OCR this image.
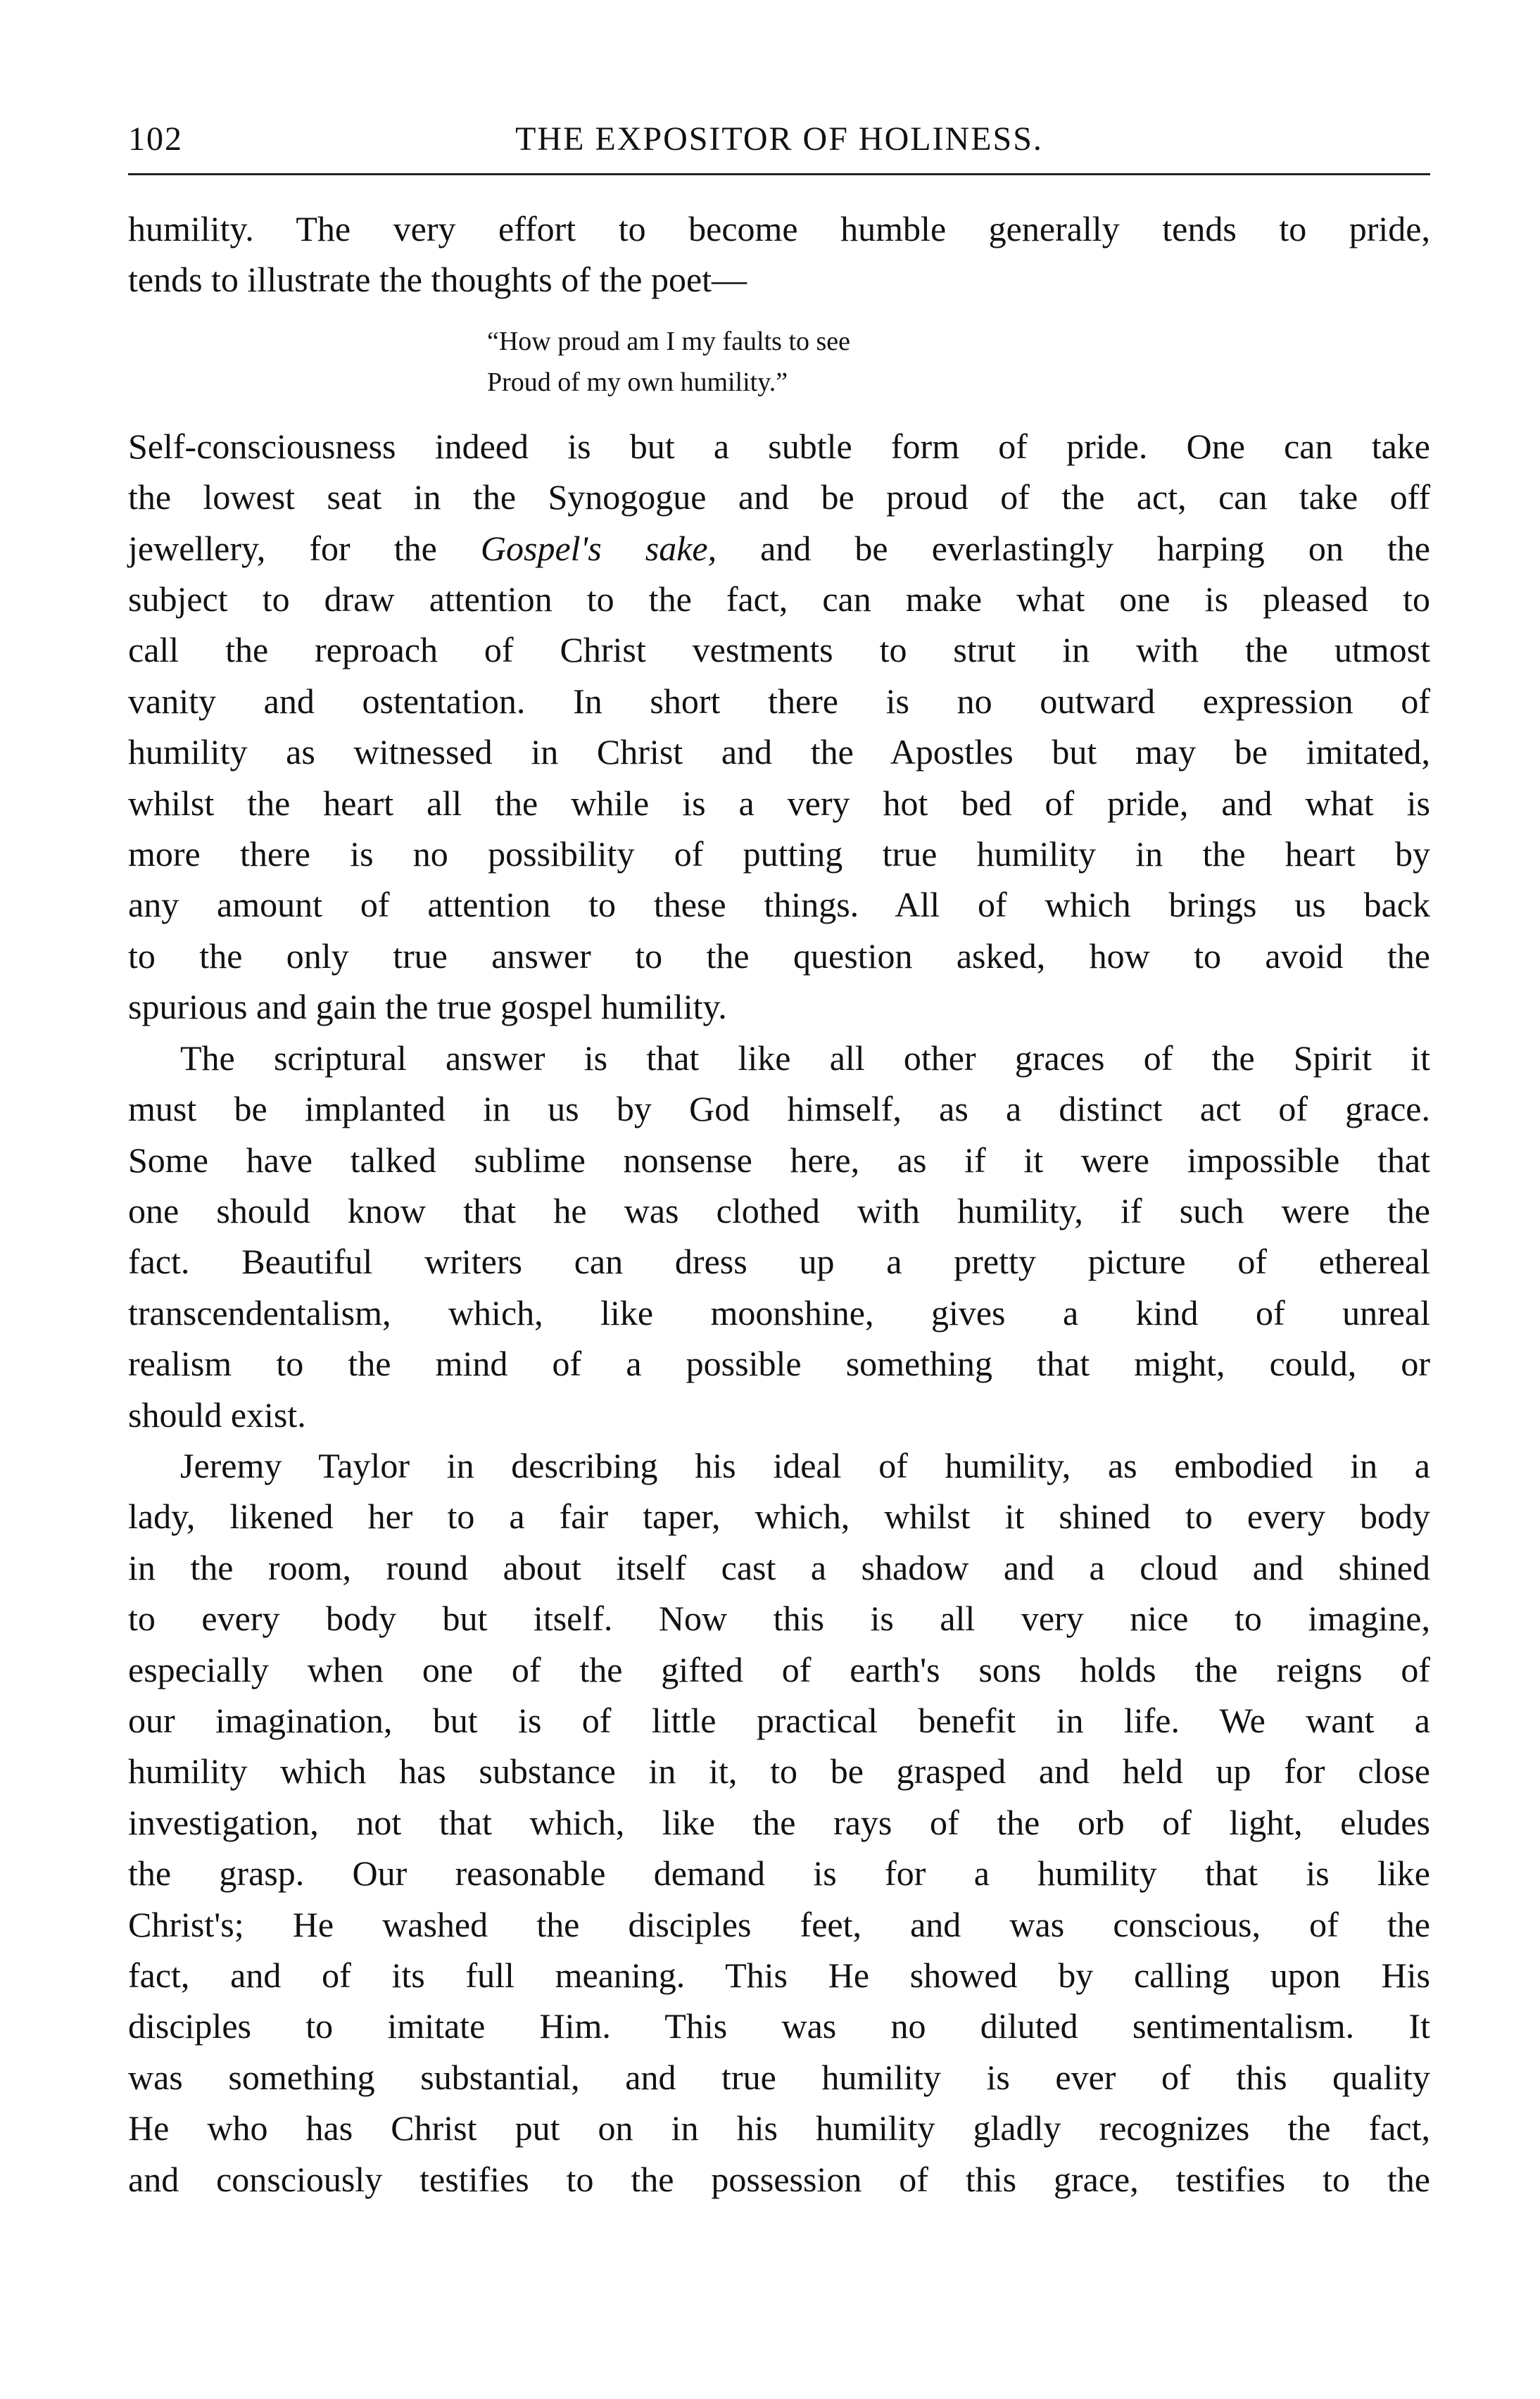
102	THE EXPOSITOR OF HOLINESS.

humility. The very effort to become humble generally tends to pride,

tends to illustrate the thoughts of the poet—

“How proud am I my faults to see
Proud of my own humility.”

Self-consciousness indeed is but a subtle form of pride. One can take

the lowest seat in the Synogogue and be proud of the act, can take off

jewellery, for the Gospel's sake, and be everlastingly harping on the

subject to draw attention to the fact, can make what one is pleased to

call the reproach of Christ vestments to strut in with the utmost

vanity and ostentation. In short there is no outward expression of

humility as witnessed in Christ and the Apostles but may be imitated,

whilst the heart all the while is a very hot bed of pride, and what is

more there is no possibility of putting true humility in the heart by

any amount of attention to these things. All of which brings us back

to the only true answer to the question asked, how to avoid the

spurious and gain the true gospel humility.

The scriptural answer is that like all other graces of the Spirit it

must be implanted in us by God himself, as a distinct act of grace.

Some have talked sublime nonsense here, as if it were impossible that

one should know that he was clothed with humility, if such were the

fact. Beautiful writers can dress up a pretty picture of ethereal

transcendentalism, which, like moonshine, gives a kind of unreal

realism to the mind of a possible something that might, could, or

should exist.

Jeremy Taylor in describing his ideal of humility, as embodied in a

lady, likened her to a fair taper, which, whilst it shined to every body

in the room, round about itself cast a shadow and a cloud and shined

to every body but itself. Now this is all very nice to imagine,

especially when one of the gifted of earth's sons holds the reigns of

our imagination, but is of little practical benefit in life. We want a

humility which has substance in it, to be grasped and held up for close

investigation, not that which, like the rays of the orb of light, eludes

the grasp. Our reasonable demand is for a humility that is like

Christ's; He washed the disciples feet, and was conscious, of the

fact, and of its full meaning. This He showed by calling upon His

disciples to imitate Him. This was no diluted sentimentalism. It

was something substantial, and true humility is ever of this quality

He who has Christ put on in his humility gladly recognizes the fact,

and consciously testifies to the possession of this grace, testifies to the
